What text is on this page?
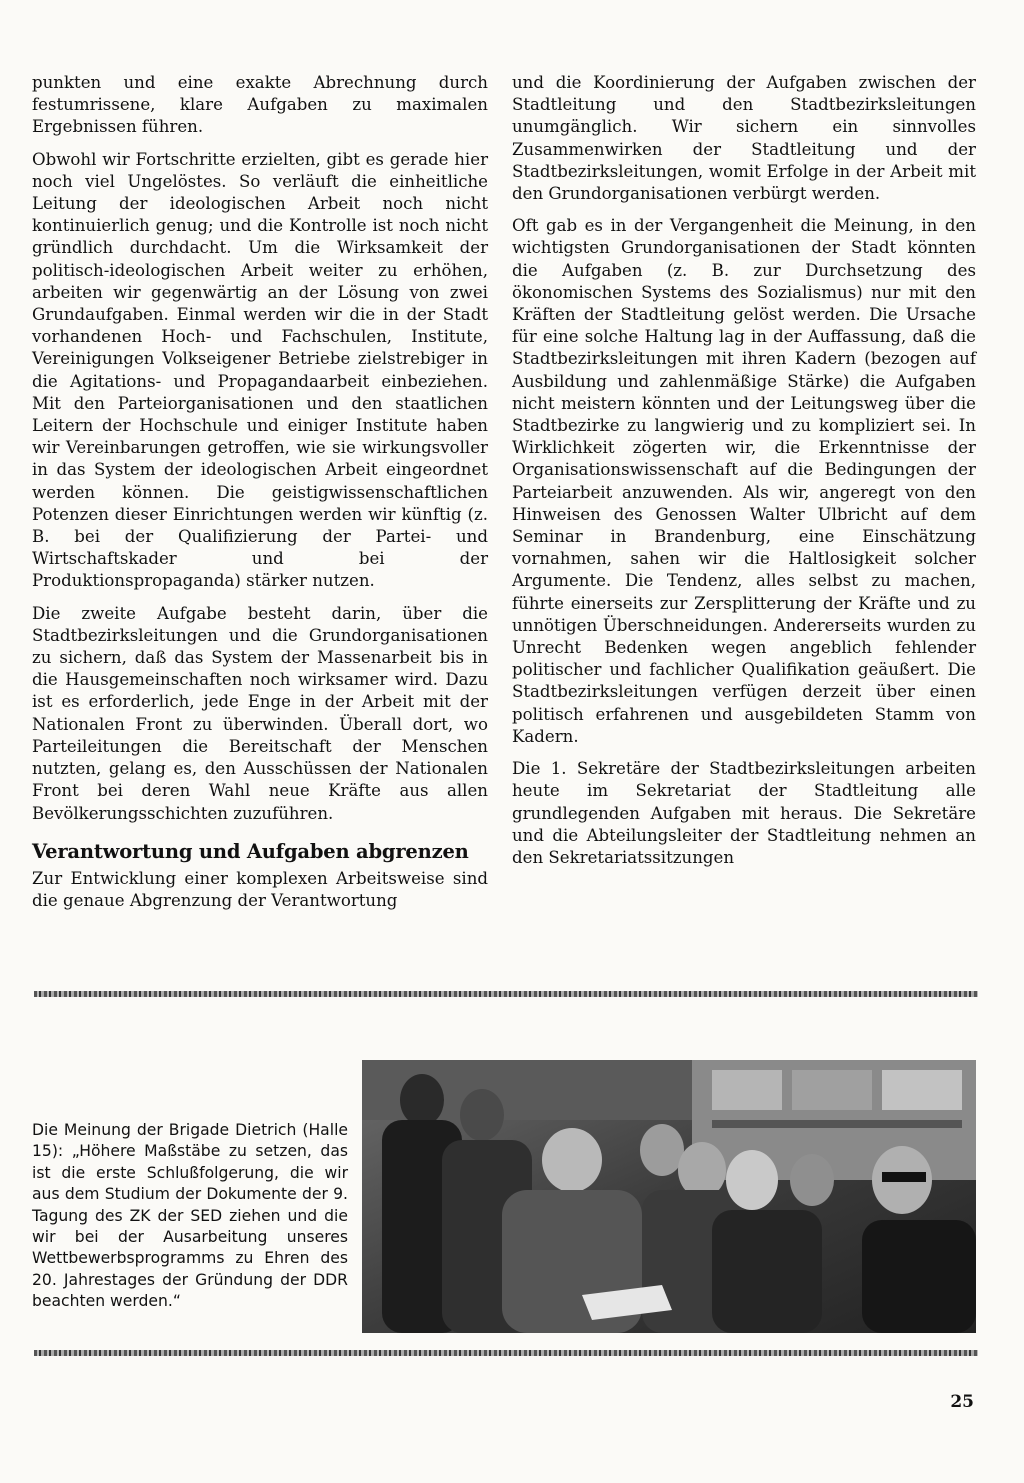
punkten und eine exakte Abrechnung durch festumrissene, klare Aufgaben zu maximalen Ergebnissen führen.

Obwohl wir Fortschritte erzielten, gibt es gerade hier noch viel Ungelöstes. So verläuft die einheitliche Leitung der ideologischen Arbeit noch nicht kontinuierlich genug; und die Kontrolle ist noch nicht gründlich durchdacht. Um die Wirksamkeit der politisch-ideologischen Arbeit weiter zu erhöhen, arbeiten wir gegenwärtig an der Lösung von zwei Grundaufgaben. Einmal werden wir die in der Stadt vorhandenen Hoch- und Fachschulen, Institute, Vereinigungen Volkseigener Betriebe zielstrebiger in die Agitations- und Propagandaarbeit einbeziehen. Mit den Parteiorganisationen und den staatlichen Leitern der Hochschule und einiger Institute haben wir Vereinbarungen getroffen, wie sie wirkungsvoller in das System der ideologischen Arbeit eingeordnet werden können. Die geistigwissenschaftlichen Potenzen dieser Einrichtungen werden wir künftig (z. B. bei der Qualifizierung der Partei- und Wirtschaftskader und bei der Produktionspropaganda) stärker nutzen.

Die zweite Aufgabe besteht darin, über die Stadtbezirksleitungen und die Grundorganisationen zu sichern, daß das System der Massenarbeit bis in die Hausgemeinschaften noch wirksamer wird. Dazu ist es erforderlich, jede Enge in der Arbeit mit der Nationalen Front zu überwinden. Überall dort, wo Parteileitungen die Bereitschaft der Menschen nutzten, gelang es, den Ausschüssen der Nationalen Front bei deren Wahl neue Kräfte aus allen Bevölkerungsschichten zuzuführen.

Verantwortung und Aufgaben abgrenzen

Zur Entwicklung einer komplexen Arbeitsweise sind die genaue Abgrenzung der Verantwortung

und die Koordinierung der Aufgaben zwischen der Stadtleitung und den Stadtbezirksleitungen unumgänglich. Wir sichern ein sinnvolles Zusammenwirken der Stadtleitung und der Stadtbezirksleitungen, womit Erfolge in der Arbeit mit den Grundorganisationen verbürgt werden.

Oft gab es in der Vergangenheit die Meinung, in den wichtigsten Grundorganisationen der Stadt könnten die Aufgaben (z. B. zur Durchsetzung des ökonomischen Systems des Sozialismus) nur mit den Kräften der Stadtleitung gelöst werden. Die Ursache für eine solche Haltung lag in der Auffassung, daß die Stadtbezirksleitungen mit ihren Kadern (bezogen auf Ausbildung und zahlenmäßige Stärke) die Aufgaben nicht meistern könnten und der Leitungsweg über die Stadtbezirke zu langwierig und zu kompliziert sei. In Wirklichkeit zögerten wir, die Erkenntnisse der Organisationswissenschaft auf die Bedingungen der Parteiarbeit anzuwenden. Als wir, angeregt von den Hinweisen des Genossen Walter Ulbricht auf dem Seminar in Brandenburg, eine Einschätzung vornahmen, sahen wir die Haltlosigkeit solcher Argumente. Die Tendenz, alles selbst zu machen, führte einerseits zur Zersplitterung der Kräfte und zu unnötigen Überschneidungen. Andererseits wurden zu Unrecht Bedenken wegen angeblich fehlender politischer und fachlicher Qualifikation geäußert. Die Stadtbezirksleitungen verfügen derzeit über einen politisch erfahrenen und ausgebildeten Stamm von Kadern.

Die 1. Sekretäre der Stadtbezirksleitungen arbeiten heute im Sekretariat der Stadtleitung alle grundlegenden Aufgaben mit heraus. Die Sekretäre und die Abteilungsleiter der Stadtleitung nehmen an den Sekretariatssitzungen

Die Meinung der Brigade Dietrich (Halle 15): „Höhere Maßstäbe zu setzen, das ist die erste Schlußfolgerung, die wir aus dem Studium der Dokumente der 9. Tagung des ZK der SED ziehen und die wir bei der Ausarbeitung unseres Wettbewerbsprogramms zu Ehren des 20. Jahrestages der Gründung der DDR beachten werden.“
25
